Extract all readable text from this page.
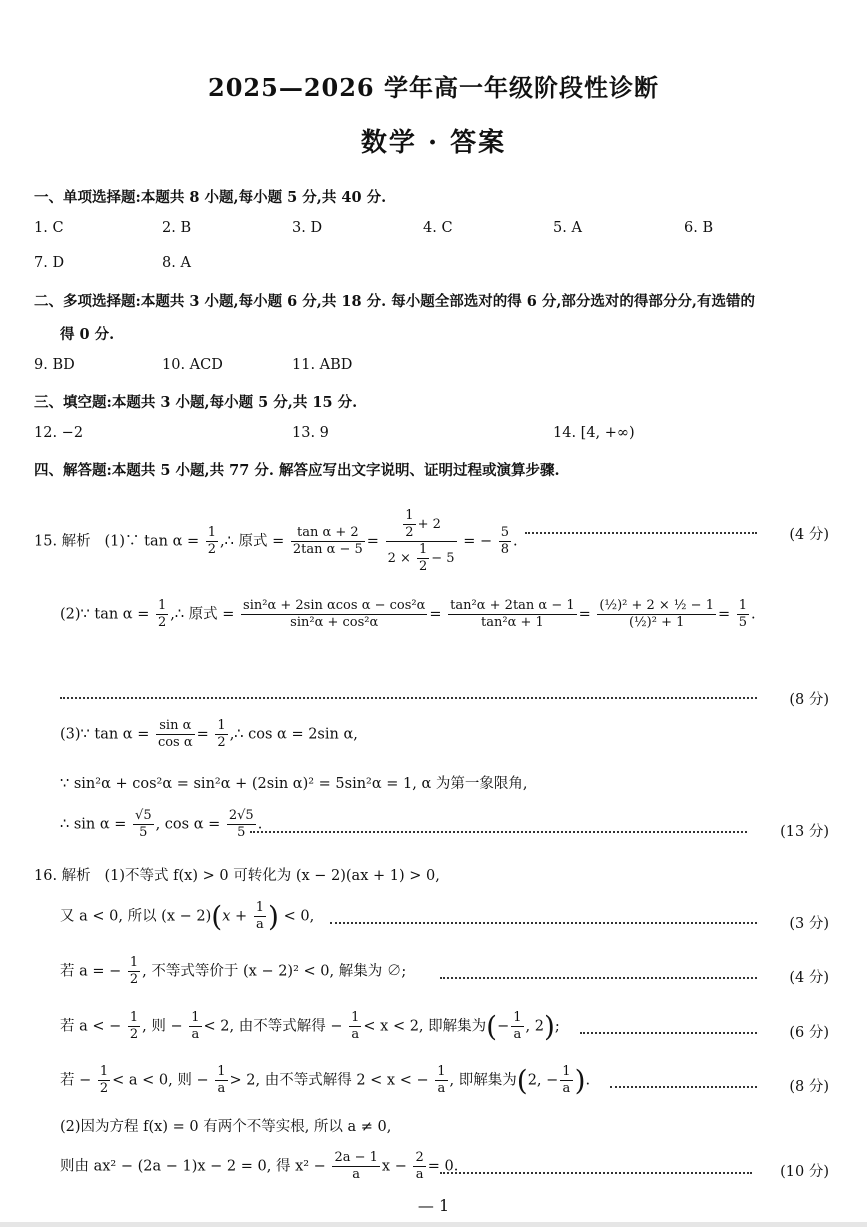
2025—2026 学年高一年级阶段性诊断
数学 · 答案
一、单项选择题:本题共 8 小题,每小题 5 分,共 40 分.
1. C	2. B	3. D	4. C	5. A	6. B
7. D	8. A
二、多项选择题:本题共 3 小题,每小题 6 分,共 18 分. 每小题全部选对的得 6 分,部分选对的得部分分,有选错的
得 0 分.
9. BD	10. ACD	11. ABD
三、填空题:本题共 3 小题,每小题 5 分,共 15 分.
12. −2	13. 9	14. [4, +∞)
四、解答题:本题共 5 小题,共 77 分. 解答应写出文字说明、证明过程或演算步骤.
15. 解析 (1)∵ $\tan \alpha = \frac{1}{2}$ ,∴ 原式 = $\frac{\text{tan α + 2}}{\text{2tan α − 5}} = \frac{\frac{1}{2} + 2}{2 \times \frac{1}{2} - 5}$ = − $\frac{5}{8}$ .	(4 分)
(2)∵ $\tan \alpha = \frac{1}{2}$ ,∴ 原式 = $\frac{\text{sin²α + 2sin αcos α − cos²α}}{\text{sin²α + cos²α}} = \frac{\text{tan²α + 2tan α − 1}}{\text{tan²α + 1}} = \frac{\text{(½)² + 2 × ½ − 1}}{\text{(½)² + 1}} = \frac{1}{5}$ .
(8 分)
(3)∵ $\tan \alpha = \frac{\text{sin α}}{\text{cos α}} = \frac{1}{2}$ ,∴ cos α = 2sin α,
∵ sin²α + cos²α = sin²α + (2sin α)² = 5sin²α = 1, α 为第一象限角,
∴ $\sin \alpha = \frac{√5}{5}$ , $\cos \alpha = \frac{2√5}{5}$ .	(13 分)
16. 解析 (1)不等式 f(x) > 0 可转化为 (x − 2)(ax + 1) > 0,
又 a < 0, 所以 $(x - 2)(x + \frac{1}{a}$ ) < 0,	(3 分)
若 a = − $\frac{1}{2}$ , 不等式等价于 (x − 2)² < 0, 解集为 ∅;	(4 分)
若 a < − $\frac{1}{2}$ , 则 − $\frac{1}{a} < 2$, 由不等式解得 − $\frac{1}{a} < x < 2$, 即解集为(− $\frac{1}{a}$ , 2);	(6 分)
若 − $\frac{1}{2} < a < 0$, 则 − $\frac{1}{a} > 2$, 由不等式解得 2 < x < − $\frac{1}{a}$ , 即解集为(2, − $\frac{1}{a}$ ).	(8 分)
(2)因为方程 f(x) = 0 有两个不等实根, 所以 a ≠ 0,
则由 ax² − (2a − 1)x − 2 = 0, 得 $x^2 - \frac{2a - 1}{a}$ $x - \frac{2}{a} = 0$.	(10 分)
— 1
